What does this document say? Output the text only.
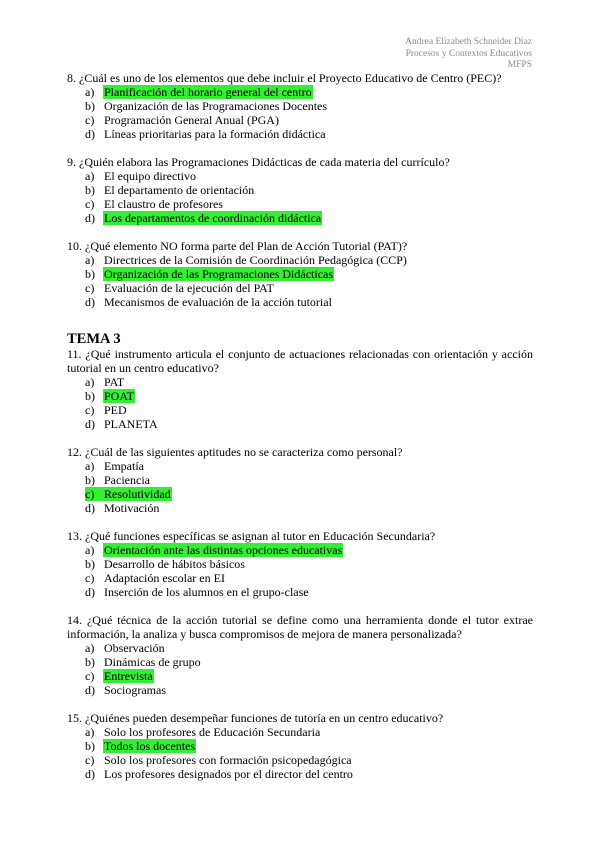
Andrea Elizabeth Schneider Díaz
Procesos y Contextos Educativos
MFPS
8. ¿Cuál es uno de los elementos que debe incluir el Proyecto Educativo de Centro (PEC)?
a) Planificación del horario general del centro
b) Organización de las Programaciones Docentes
c) Programación General Anual (PGA)
d) Líneas prioritarias para la formación didáctica
9. ¿Quién elabora las Programaciones Didácticas de cada materia del currículo?
a) El equipo directivo
b) El departamento de orientación
c) El claustro de profesores
d) Los departamentos de coordinación didáctica
10. ¿Qué elemento NO forma parte del Plan de Acción Tutorial (PAT)?
a) Directrices de la Comisión de Coordinación Pedagógica (CCP)
b) Organización de las Programaciones Didácticas
c) Evaluación de la ejecución del PAT
d) Mecanismos de evaluación de la acción tutorial
TEMA 3
11. ¿Qué instrumento articula el conjunto de actuaciones relacionadas con orientación y acción tutorial en un centro educativo?
a) PAT
b) POAT
c) PED
d) PLANETA
12. ¿Cuál de las siguientes aptitudes no se caracteriza como personal?
a) Empatía
b) Paciencia
c) Resolutividad
d) Motivación
13. ¿Qué funciones específicas se asignan al tutor en Educación Secundaria?
a) Orientación ante las distintas opciones educativas
b) Desarrollo de hábitos básicos
c) Adaptación escolar en EI
d) Inserción de los alumnos en el grupo-clase
14. ¿Qué técnica de la acción tutorial se define como una herramienta donde el tutor extrae información, la analiza y busca compromisos de mejora de manera personalizada?
a) Observación
b) Dinámicas de grupo
c) Entrevista
d) Sociogramas
15. ¿Quiénes pueden desempeñar funciones de tutoría en un centro educativo?
a) Solo los profesores de Educación Secundaria
b) Todos los docentes
c) Solo los profesores con formación psicopedagógica
d) Los profesores designados por el director del centro
